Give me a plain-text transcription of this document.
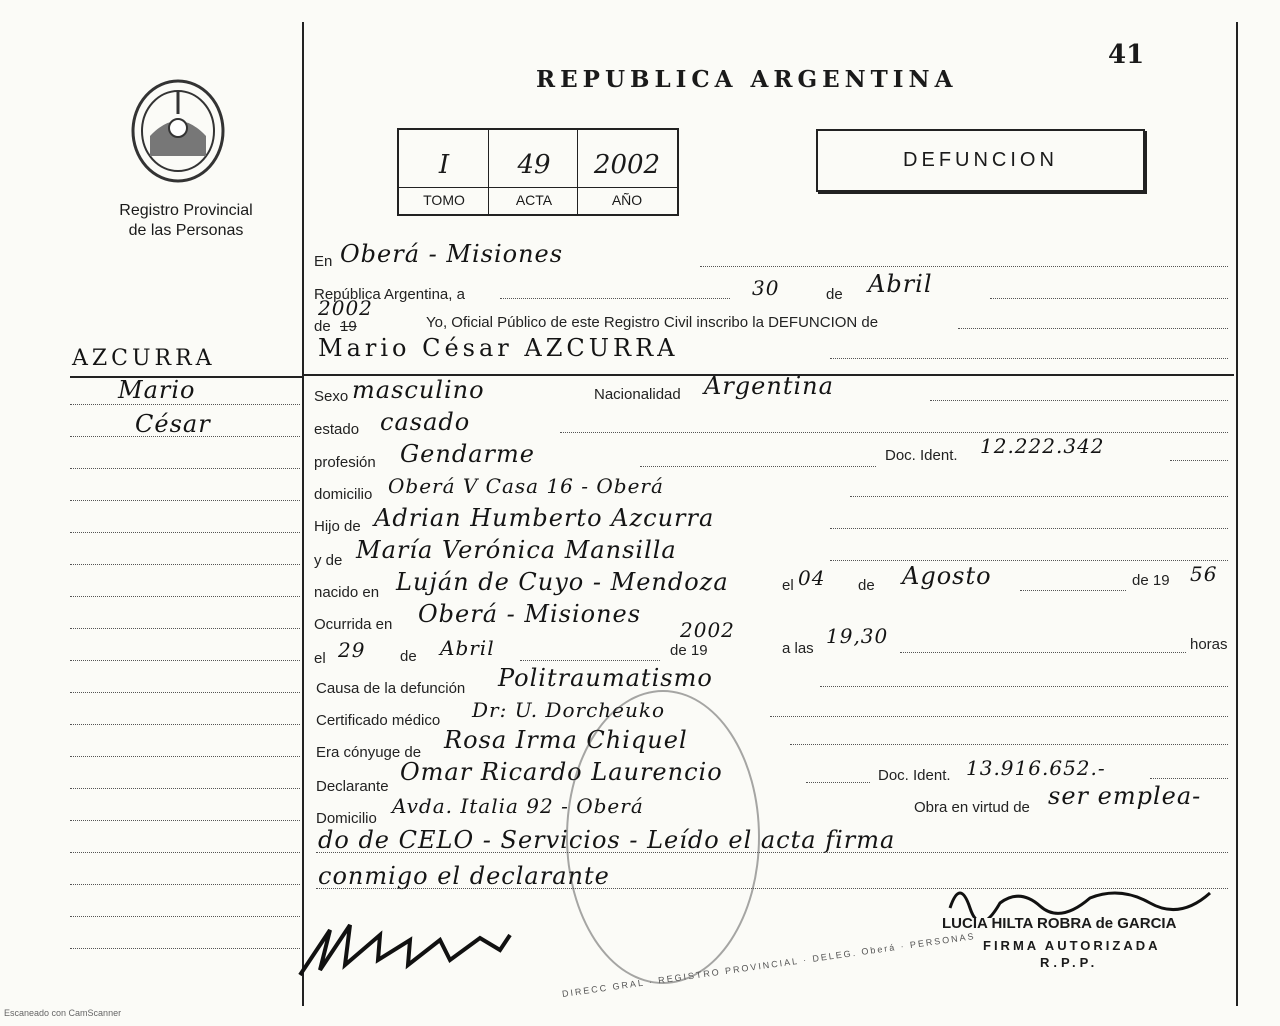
41
REPUBLICA ARGENTINA
Registro Provincial
de las Personas
I	49	2002
TOMO	ACTA	AÑO
DEFUNCION
AZCURRA
Mario
César
En Oberá - Misiones
República Argentina, a	30	de Abril
2002
de 19	Yo, Oficial Público de este Registro Civil inscribo la DEFUNCION de
Mario César AZCURRA
Sexo masculino	Nacionalidad Argentina
estado casado
profesión Gendarme	Doc. Ident. 12.222.342
domicilio Oberá V Casa 16 - Oberá
Hijo de Adrian Humberto Azcurra
y de María Verónica Mansilla
nacido en Luján de Cuyo - Mendoza	el 04 de Agosto	de 19 56
Ocurrida en Oberá - Misiones
2002
el 29 de Abril	de 19	a las
19,30	horas
Causa de la defunción Politraumatismo
Certificado médico Dr: U. Dorcheuko
Era cónyuge de Rosa Irma Chiquel
Declarante
Omar Ricardo Laurencio	Doc. Ident. 13.916.652.-
Domicilio
Avda. Italia 92 - Oberá	Obra en virtud de ser emplea-
do de CELO - Servicios - Leído el acta firma
conmigo el declarante
DIRECC GRAL · REGISTRO PROVINCIAL · DELEG. Oberá · PERSONAS
LUCIA HILTA ROBRA de GARCIA
FIRMA AUTORIZADA
R.P.P.
Escaneado con CamScanner
